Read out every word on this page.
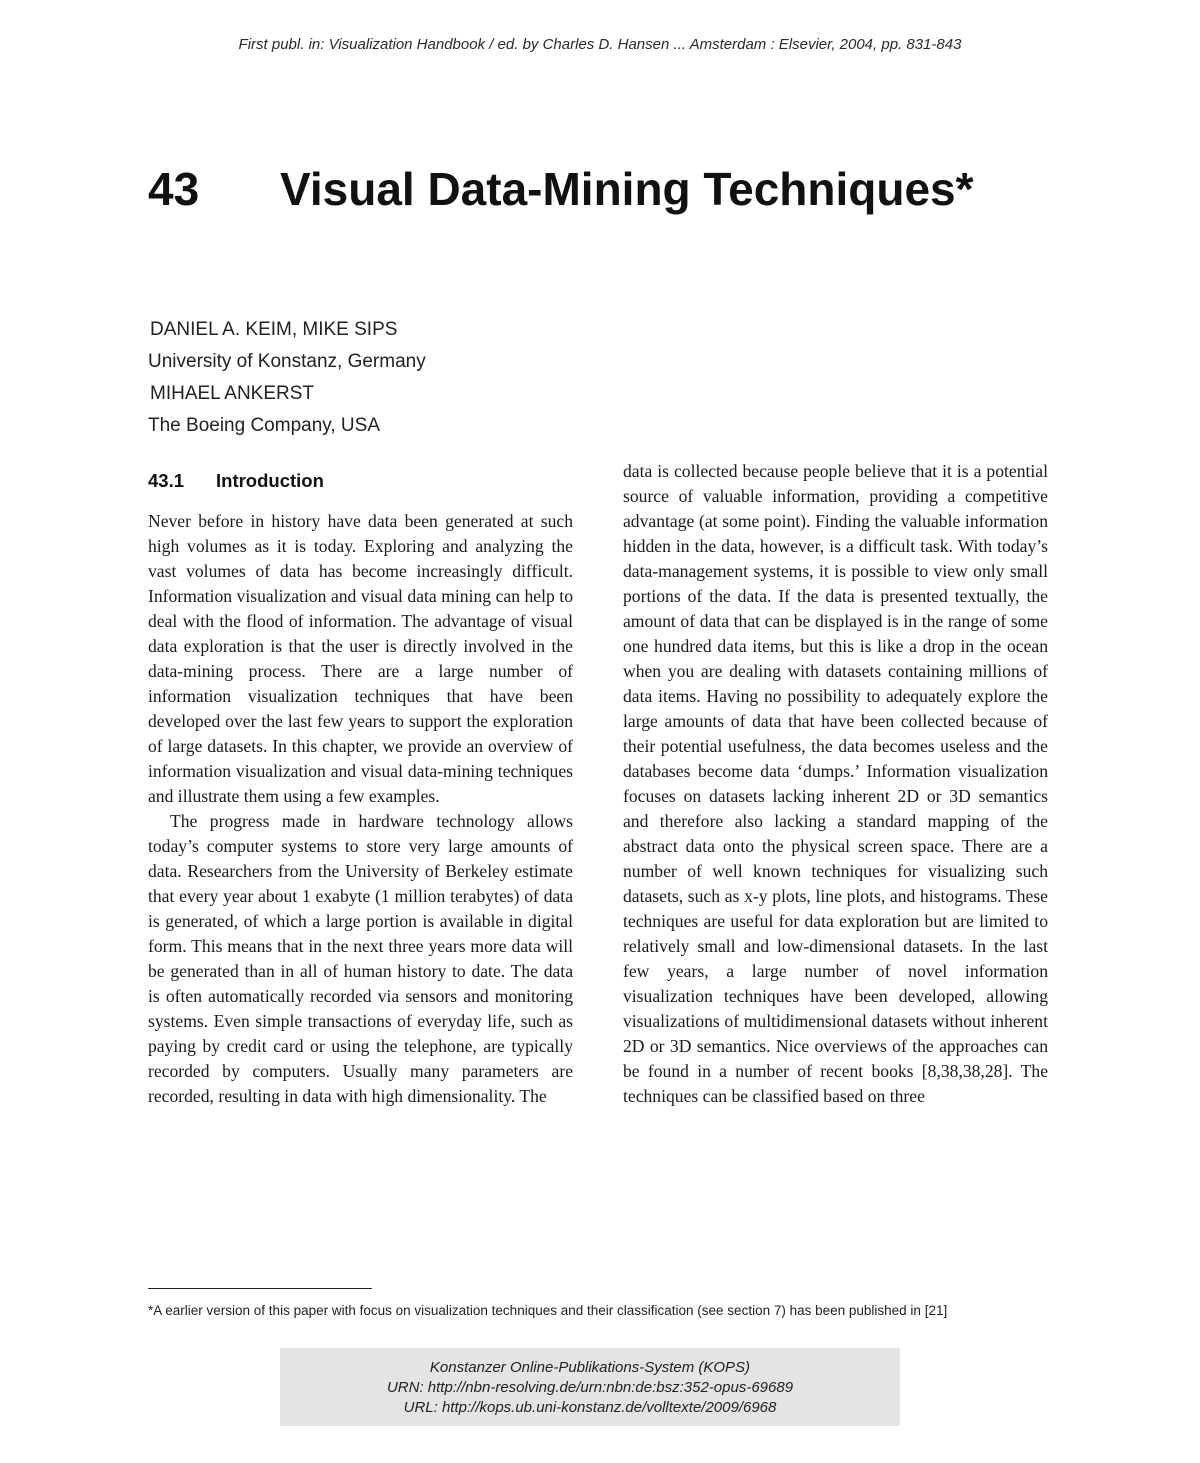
First publ. in: Visualization Handbook / ed. by Charles D. Hansen ... Amsterdam : Elsevier, 2004, pp. 831-843
43 Visual Data-Mining Techniques*
DANIEL A. KEIM, MIKE SIPS
University of Konstanz, Germany
MIHAEL ANKERST
The Boeing Company, USA
43.1 Introduction

Never before in history have data been generated at such high volumes as it is today. Exploring and analyzing the vast volumes of data has become increasingly difficult. Information visualization and visual data mining can help to deal with the flood of information. The advantage of visual data exploration is that the user is directly involved in the data-mining process. There are a large number of information visualization techniques that have been developed over the last few years to support the exploration of large datasets. In this chapter, we provide an overview of information visualization and visual data-mining techniques and illustrate them using a few examples.

The progress made in hardware technology allows today’s computer systems to store very large amounts of data. Researchers from the University of Berkeley estimate that every year about 1 exabyte (1 million terabytes) of data is generated, of which a large portion is available in digital form. This means that in the next three years more data will be generated than in all of human history to date. The data is often automatically recorded via sensors and monitoring systems. Even simple transactions of everyday life, such as paying by credit card or using the telephone, are typically recorded by computers. Usually many parameters are recorded, resulting in data with high dimensionality. The

data is collected because people believe that it is a potential source of valuable information, providing a competitive advantage (at some point). Finding the valuable information hidden in the data, however, is a difficult task. With today’s data-management systems, it is possible to view only small portions of the data. If the data is presented textually, the amount of data that can be displayed is in the range of some one hundred data items, but this is like a drop in the ocean when you are dealing with datasets containing millions of data items. Having no possibility to adequately explore the large amounts of data that have been collected because of their potential usefulness, the data becomes useless and the databases become data ‘dumps.’ Information visualization focuses on datasets lacking inherent 2D or 3D semantics and therefore also lacking a standard mapping of the abstract data onto the physical screen space. There are a number of well known techniques for visualizing such datasets, such as x-y plots, line plots, and histograms. These techniques are useful for data exploration but are limited to relatively small and low-dimensional datasets. In the last few years, a large number of novel information visualization techniques have been developed, allowing visualizations of multidimensional datasets without inherent 2D or 3D semantics. Nice overviews of the approaches can be found in a number of recent books [8,38,38,28]. The techniques can be classified based on three

*A earlier version of this paper with focus on visualization techniques and their classification (see section 7) has been published in [21]
Konstanzer Online-Publikations-System (KOPS)
URN: http://nbn-resolving.de/urn:nbn:de:bsz:352-opus-69689
URL: http://kops.ub.uni-konstanz.de/volltexte/2009/6968
